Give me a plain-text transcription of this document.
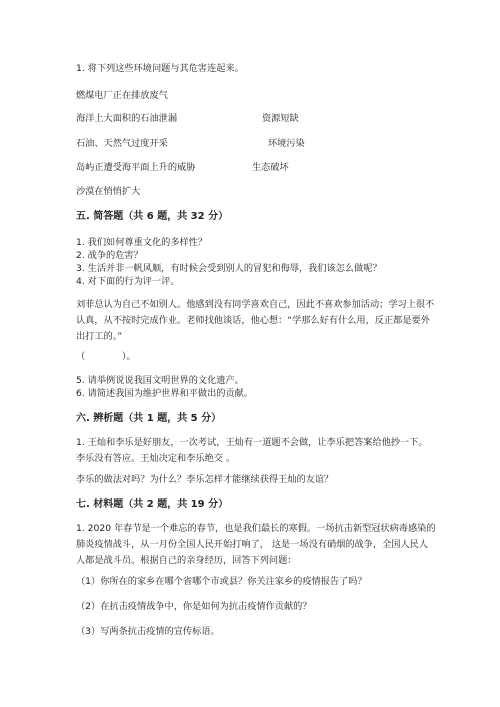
1. 将下列这些环境问题与其危害连起来。
燃煤电厂正在排放废气
海洋上大面积的石油泄漏	资源短缺
石油、天然气过度开采	环境污染
岛屿正遭受海平面上升的威胁	生态破坏
沙漠在悄悄扩大
五. 简答题（共 6 题，共 32 分）
1. 我们如何尊重文化的多样性？
2. 战争的危害？
3. 生活并非一帆风顺，有时候会受到别人的冒犯和侮辱，我们该怎么做呢？
4. 对下面的行为评一评。
刘菲总认为自己不如别人。他感到没有同学喜欢自己，因此不喜欢参加活动；学习上很不认真，从不按时完成作业。老师找他谈话，他心想：“学那么好有什么用，反正都是要外出打工的。”
（　　　　）。
5. 请举例说说我国文明世界的文化遗产。
6. 请简述我国为维护世界和平做出的贡献。
六. 辨析题（共 1 题，共 5 分）
1. 王灿和李乐是好朋友，一次考试，王灿有一道题不会做，让李乐把答案给他抄一下。李乐没有答应。王灿决定和李乐绝交 。
李乐的做法对吗？为什么？李乐怎样才能继续获得王灿的友谊？
七. 材料题（共 2 题，共 19 分）
1. 2020 年春节是一个难忘的春节，也是我们最长的寒假。一场抗击新型冠状病毒感染的肺炎疫情战斗，从一月份全国人民开始打响了， 这是一场没有硝烟的战争，全国人民人人都是战斗员。根据自己的亲身经历，回答下列问题：
（1）你所在的家乡在哪个省哪个市或县？你关注家乡的疫情报告了吗？
（2）在抗击疫情战争中，你是如何为抗击疫情作贡献的？
（3）写两条抗击疫情的宣传标语。
